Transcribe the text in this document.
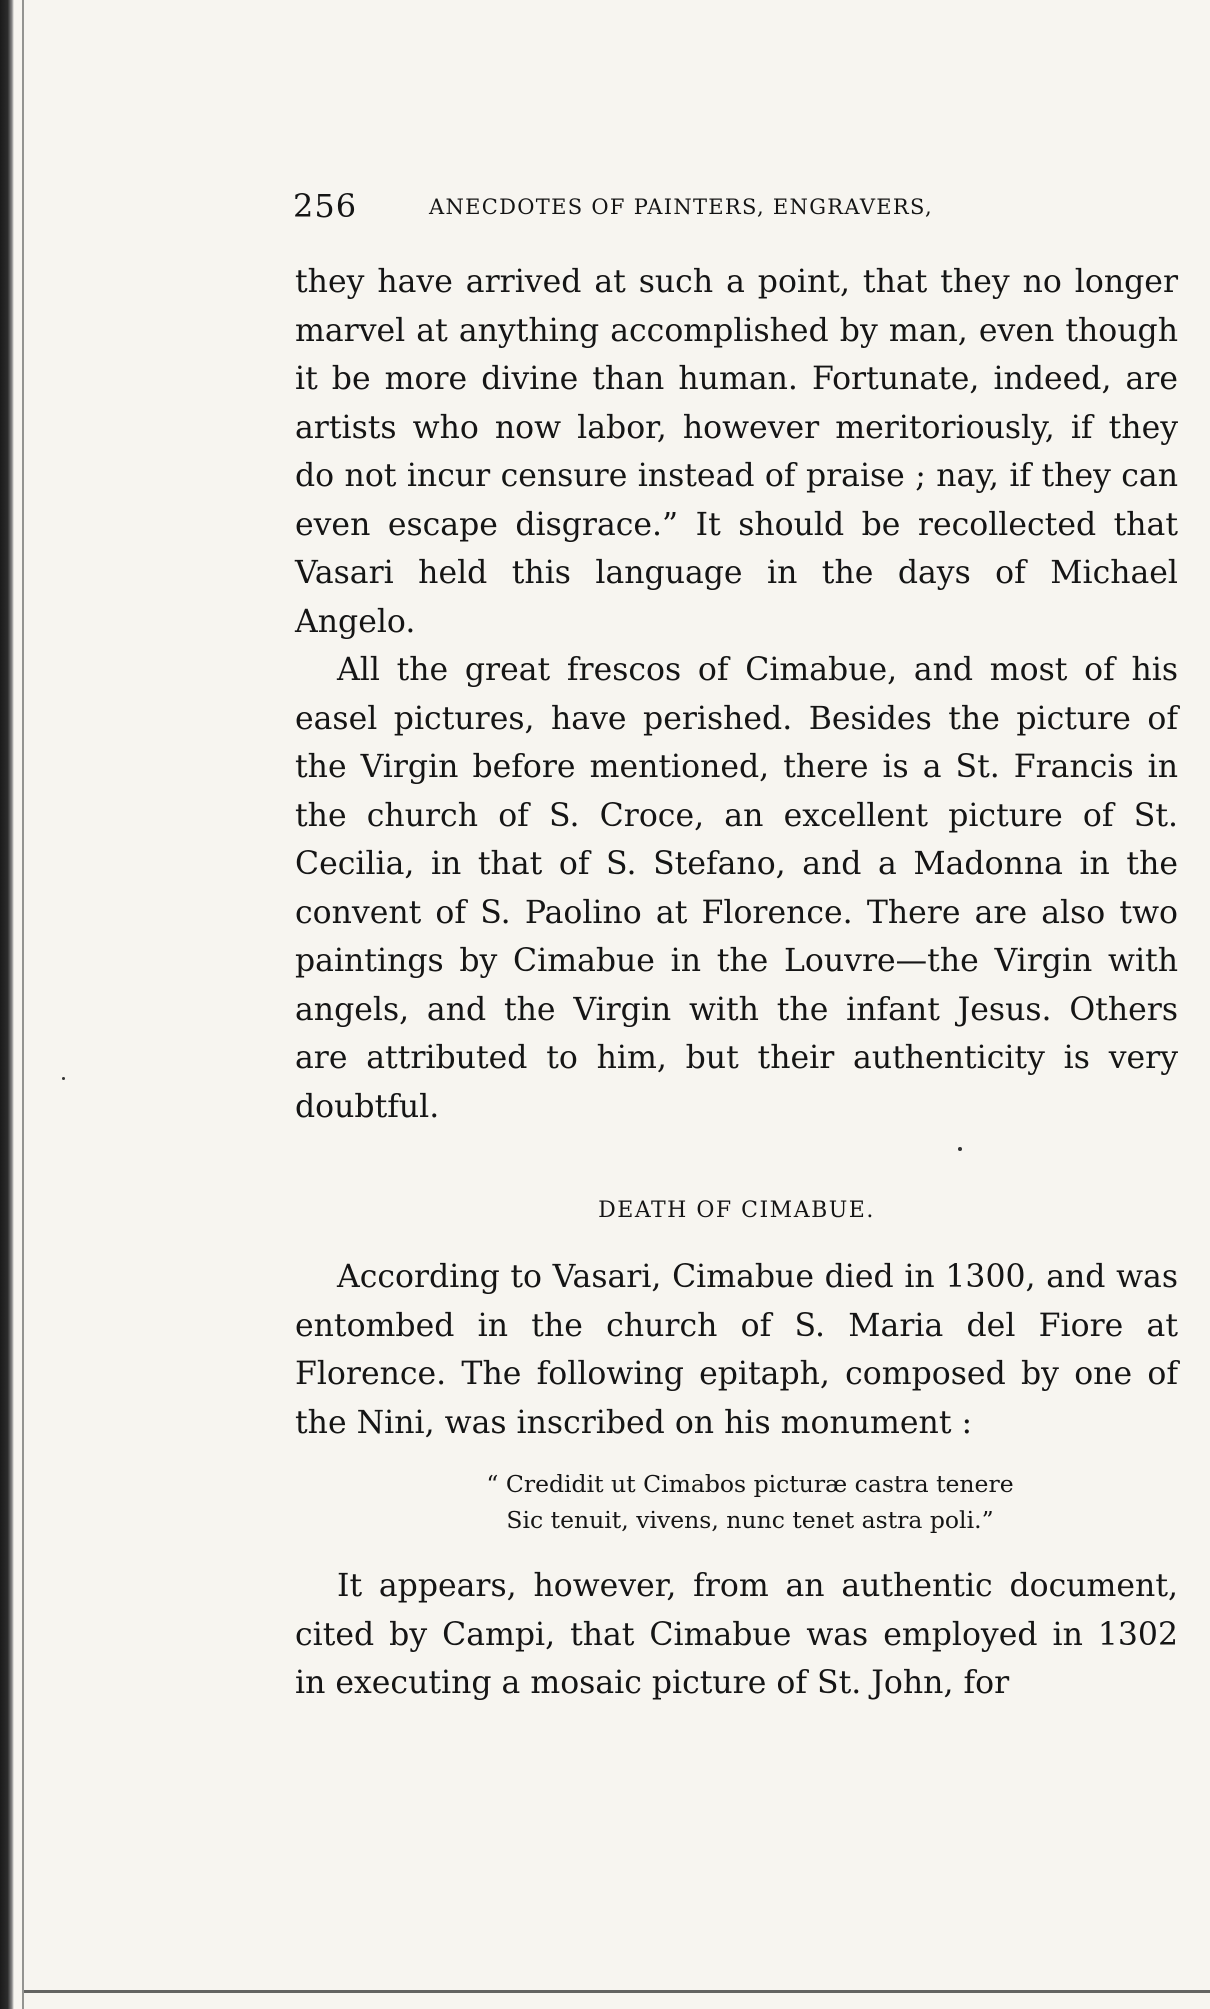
256	ANECDOTES OF PAINTERS, ENGRAVERS,

they have arrived at such a point, that they no longer marvel at anything accomplished by man, even though it be more divine than human. Fortunate, indeed, are artists who now labor, however meritoriously, if they do not incur censure instead of praise ; nay, if they can even escape disgrace.” It should be recollected that Vasari held this language in the days of Michael Angelo.

All the great frescos of Cimabue, and most of his easel pictures, have perished. Besides the picture of the Virgin before mentioned, there is a St. Francis in the church of S. Croce, an excellent picture of St. Cecilia, in that of S. Stefano, and a Madonna in the convent of S. Paolino at Florence. There are also two paintings by Cimabue in the Louvre—the Virgin with angels, and the Virgin with the infant Jesus. Others are attributed to him, but their authenticity is very doubtful.

DEATH OF CIMABUE.

According to Vasari, Cimabue died in 1300, and was entombed in the church of S. Maria del Fiore at Florence. The following epitaph, composed by one of the Nini, was inscribed on his monument :

“ Credidit ut Cimabos picturæ castra tenere
Sic tenuit, vivens, nunc tenet astra poli.”

It appears, however, from an authentic document, cited by Campi, that Cimabue was employed in 1302 in executing a mosaic picture of St. John, for
